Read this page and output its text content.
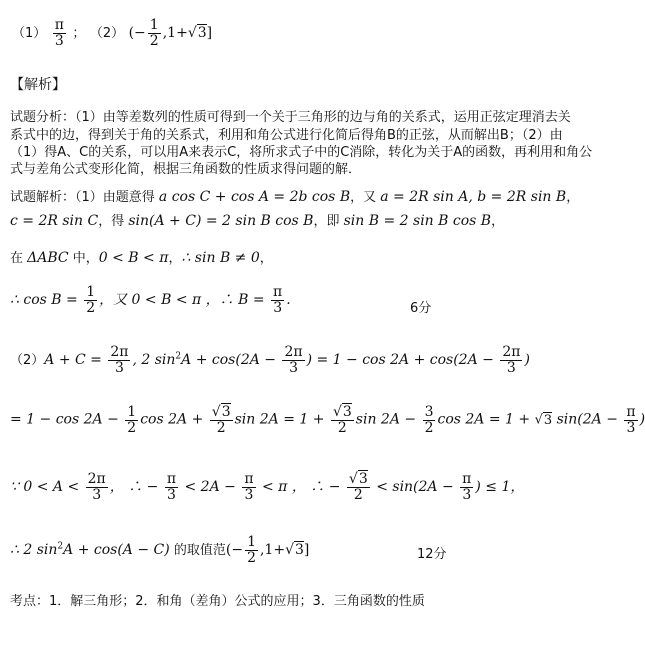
$(1) \frac{\pi}{3}$ ； （2） (− $\frac{1}{2} ,1+√3$]
【解析】
试题分析：（1）由等差数列的性质可得到一个关于三角形的边与角的关系式，运用正弦定理消去关
系式中的边，得到关于角的关系式，利用和角公式进行化简后得角B的正弦，从而解出B；（2）由
（1）得A、C的关系，可以用A来表示C，将所求式子中的C消除，转化为关于A的函数，再利用和角公
式与差角公式变形化简，根据三角函数的性质求得问题的解．
试题解析：（1）由题意得 a cos C + cos A = 2b cos B，又 a = 2R sin A, b = 2R sin B，
c = 2R sin C，得 sin(A + C) = 2 sin B cos B，即 sin B = 2 sin B cos B，
在 ΔABC 中，0 < B < π，∴ sin B ≠ 0，
∴ $\cos B = \frac{1}{2}$ ，又 0 < B < π ，∴ $B = \frac{\pi}{3}$ .
6分
$(2)A + C = \frac{2\pi}{3}$ , 2 $\sin^2A + \cos(2A - \frac{2\pi}{3}$ ) = $1 - \cos 2A + \cos(2A - \frac{2\pi}{3}$ )
= $1 - \cos 2A - \frac{1}{2}$ $\cos 2A + \frac{√3}{2}$ $\sin 2A = 1 + \frac{√3}{2}$ $\sin 2A - \frac{3}{2}$ cos 2A = 1 + √3 $\sin(2A - \frac{\pi}{3}$ )
∵ $0 < A < \frac{2\pi}{3}$ ， ∴ − $\frac{\pi}{3} < 2A - \frac{\pi}{3} < \pi$ ， ∴ − $\frac{√3}{2} < \sin(2A - \frac{\pi}{3}$ ) ≤ 1，
∴ 2 $\sin^2A + \cos(A - C)$ 的取值范(− $\frac{1}{2} ,1+√3$]	12分
考点：1．解三角形；2．和角（差角）公式的应用；3．三角函数的性质
